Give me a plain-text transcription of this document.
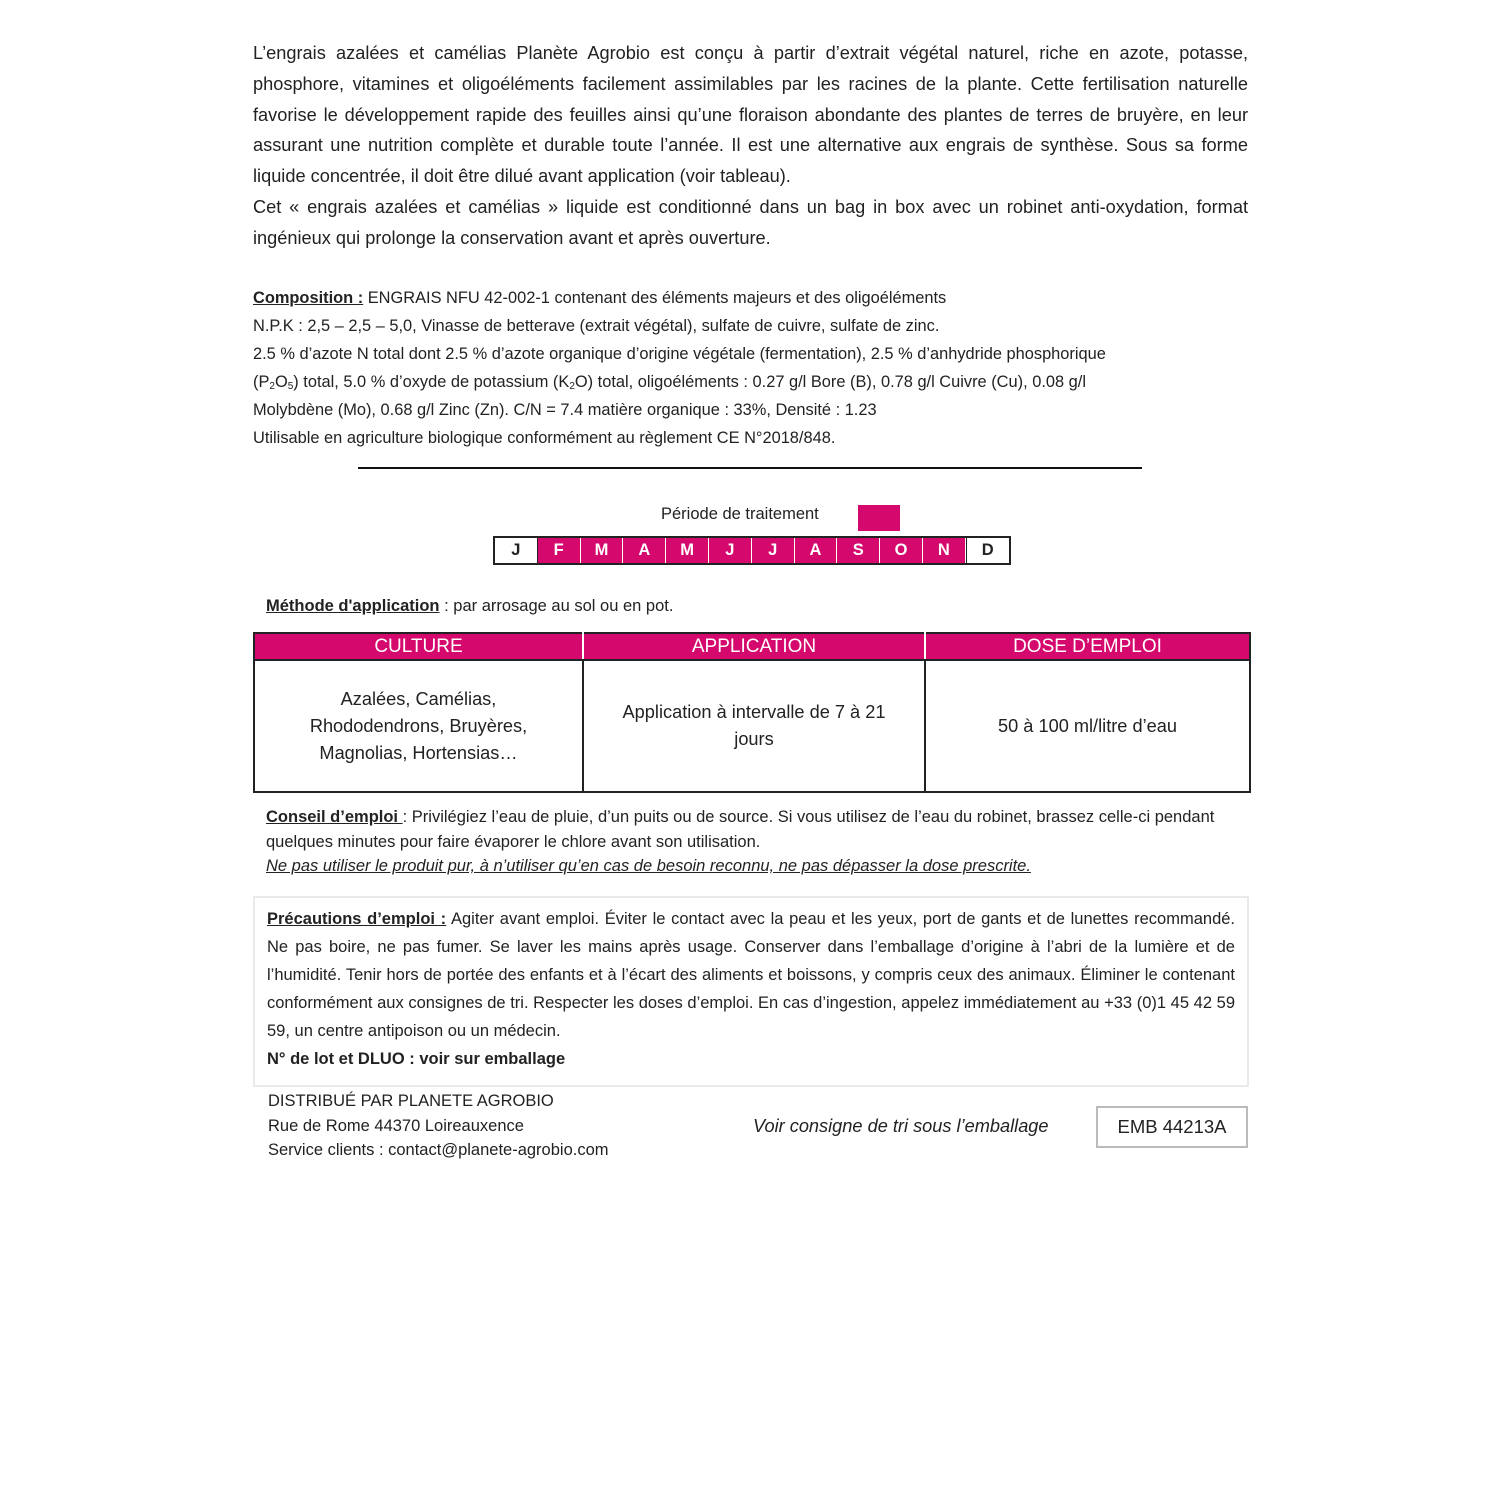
L’engrais azalées et camélias Planète Agrobio est conçu à partir d’extrait végétal naturel, riche en azote, potasse, phosphore, vitamines et oligoéléments facilement assimilables par les racines de la plante. Cette fertilisation naturelle favorise le développement rapide des feuilles ainsi qu’une floraison abondante des plantes de terres de bruyère, en leur assurant une nutrition complète et durable toute l’année. Il est une alternative aux engrais de synthèse. Sous sa forme liquide concentrée, il doit être dilué avant application (voir tableau).

Cet « engrais azalées et camélias » liquide est conditionné dans un bag in box avec un robinet anti-oxydation, format ingénieux qui prolonge la conservation avant et après ouverture.

Composition : ENGRAIS NFU 42-002-1 contenant des éléments majeurs et des oligoéléments

N.P.K : 2,5 – 2,5 – 5,0, Vinasse de betterave (extrait végétal), sulfate de cuivre, sulfate de zinc.

2.5 % d’azote N total dont 2.5 % d’azote organique d’origine végétale (fermentation), 2.5 % d’anhydride phosphorique

$(P_2O_5)$ total, 5.0 % d’oxyde de potassium $(K_2O)$ total, oligoéléments : 0.27 g/l Bore (B), 0.78 g/l Cuivre (Cu), 0.08 g/l

Molybdène (Mo), 0.68 g/l Zinc (Zn). C/N = 7.4 matière organique : 33%, Densité : 1.23

Utilisable en agriculture biologique conformément au règlement CE N°2018/848.

Période de traitement
J	F	M	A	M	J	J	A	S	O	N	D
Méthode d'application : par arrosage au sol ou en pot.
CULTURE	APPLICATION	DOSE D’EMPLOI
Azalées, Camélias, Rhododendrons, Bruyères, Magnolias, Hortensias…	Application à intervalle de 7 à 21 jours	50 à 100 ml/litre d’eau

Conseil d’emploi : Privilégiez l’eau de pluie, d’un puits ou de source. Si vous utilisez de l’eau du robinet, brassez celle-ci pendant quelques minutes pour faire évaporer le chlore avant son utilisation.

Ne pas utiliser le produit pur, à n’utiliser qu’en cas de besoin reconnu, ne pas dépasser la dose prescrite.

Précautions d’emploi : Agiter avant emploi. Éviter le contact avec la peau et les yeux, port de gants et de lunettes recommandé. Ne pas boire, ne pas fumer. Se laver les mains après usage. Conserver dans l’emballage d’origine à l’abri de la lumière et de l’humidité. Tenir hors de portée des enfants et à l’écart des aliments et boissons, y compris ceux des animaux. Éliminer le contenant conformément aux consignes de tri. Respecter les doses d’emploi. En cas d’ingestion, appelez immédiatement au +33 (0)1 45 42 59 59, un centre antipoison ou un médecin.

N° de lot et DLUO : voir sur emballage

DISTRIBUÉ PAR PLANETE AGROBIO

Rue de Rome 44370 Loireauxence

Service clients : contact@planete-agrobio.com

Voir consigne de tri sous l’emballage	EMB 44213A
